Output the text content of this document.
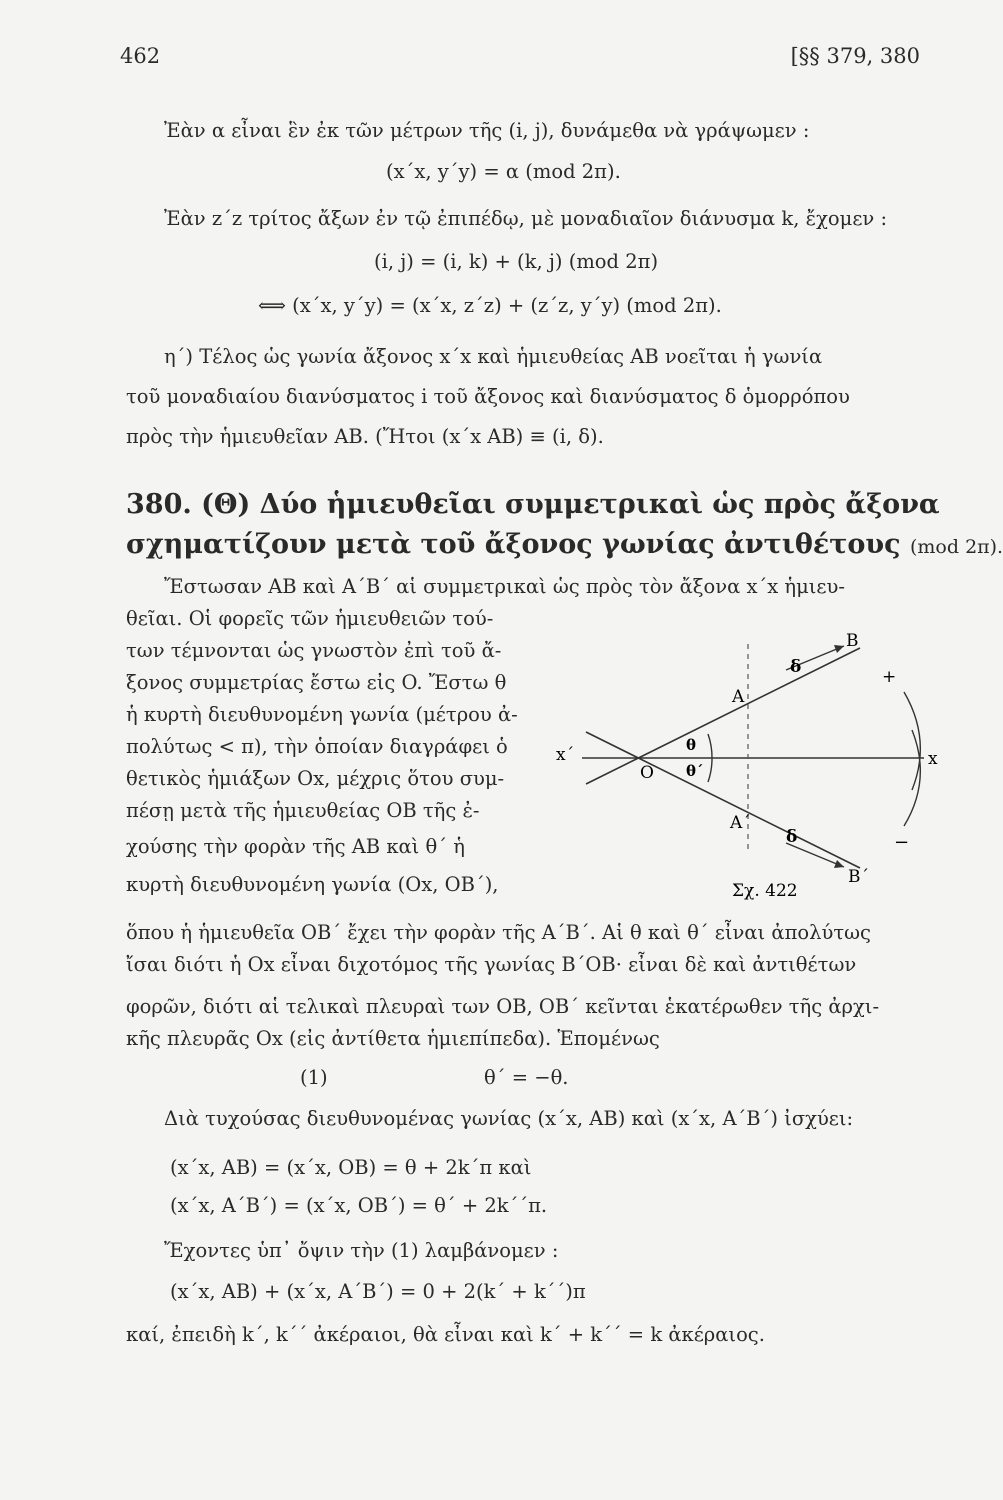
462	[§§ 379, 380
Ἐὰν α εἶναι ἓν ἐκ τῶν μέτρων τῆς (i, j), δυνάμεθα νὰ γράψωμεν :
(x΄x, y΄y) = α (mod 2π).
Ἐὰν z΄z τρίτος ἄξων ἐν τῷ ἐπιπέδῳ, μὲ μοναδιαῖον διάνυσμα k, ἔχομεν :
(i, j) = (i, k) + (k, j) (mod 2π)
⟺ (x΄x, y΄y) = (x΄x, z΄z) + (z΄z, y΄y) (mod 2π).
η΄) Τέλος ὡς γωνία ἄξονος x΄x καὶ ἡμιευθείας AB νοεῖται ἡ γωνία
τοῦ μοναδιαίου διανύσματος i τοῦ ἄξονος καὶ διανύσματος δ ὁμορρόπου
πρὸς τὴν ἡμιευθεῖαν AB. (Ἤτοι (x΄x AB) ≡ (i, δ).
380. (Θ) Δύο ἡμιευθεῖαι συμμετρικαὶ ὡς πρὸς ἄξονα
σχηματίζουν μετὰ τοῦ ἄξονος γωνίας ἀντιθέτους (mod 2π).
Ἔστωσαν AB καὶ A΄B΄ αἱ συμμετρικαὶ ὡς πρὸς τὸν ἄξονα x΄x ἡμιευ-
θεῖαι. Οἱ φορεῖς τῶν ἡμιευθειῶν τού-
των τέμνονται ὡς γνωστὸν ἐπὶ τοῦ ἄ-
ξονος συμμετρίας ἔστω εἰς O. Ἔστω θ
ἡ κυρτὴ διευθυνομένη γωνία (μέτρου ἀ-
πολύτως < π), τὴν ὁποίαν διαγράφει ὁ
θετικὸς ἡμιάξων Ox, μέχρις ὅτου συμ-
πέσῃ μετὰ τῆς ἡμιευθείας OB τῆς ἐ-
χούσης τὴν φορὰν τῆς AB καὶ θ΄ ἡ
κυρτὴ διευθυνομένη γωνία (Ox, OB΄),
B
A
A΄
B΄
O
x
x΄	θ
θ΄
δ
δ
+
−
Σχ. 422
ὅπου ἡ ἡμιευθεῖα OB΄ ἔχει τὴν φορὰν τῆς A΄B΄. Αἱ θ καὶ θ΄ εἶναι ἀπολύτως
ἴσαι διότι ἡ Ox εἶναι διχοτόμος τῆς γωνίας B΄OB· εἶναι δὲ καὶ ἀντιθέτων
φορῶν, διότι αἱ τελικαὶ πλευραὶ των OB, OB΄ κεῖνται ἑκατέρωθεν τῆς ἀρχι-
κῆς πλευρᾶς Ox (εἰς ἀντίθετα ἡμιεπίπεδα). Ἑπομένως
(1)	θ΄ = −θ.
Διὰ τυχούσας διευθυνομένας γωνίας (x΄x, AB) καὶ (x΄x, A΄B΄) ἰσχύει:
(x΄x, AB) = (x΄x, OB) = θ + 2k΄π καὶ
(x΄x, A΄B΄) = (x΄x, OB΄) = θ΄ + 2k΄΄π.
Ἔχοντες ὑπ᾽ ὄψιν τὴν (1) λαμβάνομεν :
(x΄x, AB) + (x΄x, A΄B΄) = 0 + 2(k΄ + k΄΄)π
καί, ἐπειδὴ k΄, k΄΄ ἀκέραιοι, θὰ εἶναι καὶ k΄ + k΄΄ = k ἀκέραιος.
